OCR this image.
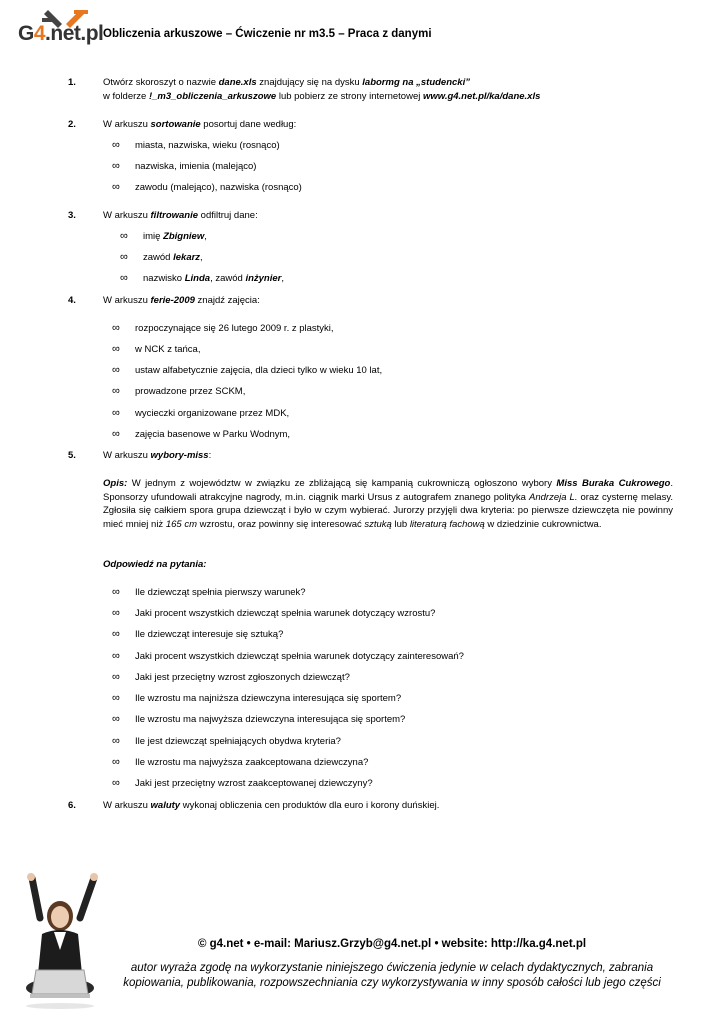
G4.net.pl Obliczenia arkuszowe – Ćwiczenie nr m3.5 – Praca z danymi
1.	Otwórz skoroszyt o nazwie dane.xls znajdujący się na dysku labormg na „studencki”
w folderze !_m3_obliczenia_arkuszowe lub pobierz ze strony internetowej www.g4.net.pl/ka/dane.xls
2.	W arkuszu sortowanie posortuj dane według:
∞ miasta, nazwiska, wieku (rosnąco)
∞ nazwiska, imienia (malejąco)
∞ zawodu (malejąco), nazwiska (rosnąco)
3.	W arkuszu filtrowanie odfiltruj dane:
∞ imię Zbigniew,
∞ zawód lekarz,
∞ nazwisko Linda, zawód inżynier,
4.	W arkuszu ferie-2009 znajdź zajęcia:
∞ rozpoczynające się 26 lutego 2009 r. z plastyki,
∞ w NCK z tańca,
∞ ustaw alfabetycznie zajęcia, dla dzieci tylko w wieku 10 lat,
∞ prowadzone przez SCKM,
∞ wycieczki organizowane przez MDK,
∞ zajęcia basenowe w Parku Wodnym,
5.	W arkuszu wybory-miss:
Opis: W jednym z województw w związku ze zbliżającą się kampanią cukrowniczą ogłoszono wybory Miss Buraka Cukrowego. Sponsorzy ufundowali atrakcyjne nagrody, m.in. ciągnik marki Ursus z autografem znanego polityka Andrzeja L. oraz cysternę melasy. Zgłosiła się całkiem spora grupa dziewcząt i było w czym wybierać. Jurorzy przyjęli dwa kryteria: po pierwsze dziewczęta nie powinny mieć mniej niż 165 cm wzrostu, oraz powinny się interesować sztuką lub literaturą fachową w dziedzinie cukrownictwa.
Odpowiedź na pytania:
∞ Ile dziewcząt spełnia pierwszy warunek?
∞ Jaki procent wszystkich dziewcząt spełnia warunek dotyczący wzrostu?
∞ Ile dziewcząt interesuje się sztuką?
∞ Jaki procent wszystkich dziewcząt spełnia warunek dotyczący zainteresowań?
∞ Jaki jest przeciętny wzrost zgłoszonych dziewcząt?
∞ Ile wzrostu ma najniższa dziewczyna interesująca się sportem?
∞ Ile wzrostu ma najwyższa dziewczyna interesująca się sportem?
∞ Ile jest dziewcząt spełniających obydwa kryteria?
∞ Ile wzrostu ma najwyższa zaakceptowana dziewczyna?
∞ Jaki jest przeciętny wzrost zaakceptowanej dziewczyny?
6.	W arkuszu waluty wykonaj obliczenia cen produktów dla euro i korony duńskiej.
© g4.net • e-mail: Mariusz.Grzyb@g4.net.pl • website: http://ka.g4.net.pl
autor wyraża zgodę na wykorzystanie niniejszego ćwiczenia jedynie w celach dydaktycznych, zabrania
kopiowania, publikowania, rozpowszechniania czy wykorzystywania w inny sposób całości lub jego części
